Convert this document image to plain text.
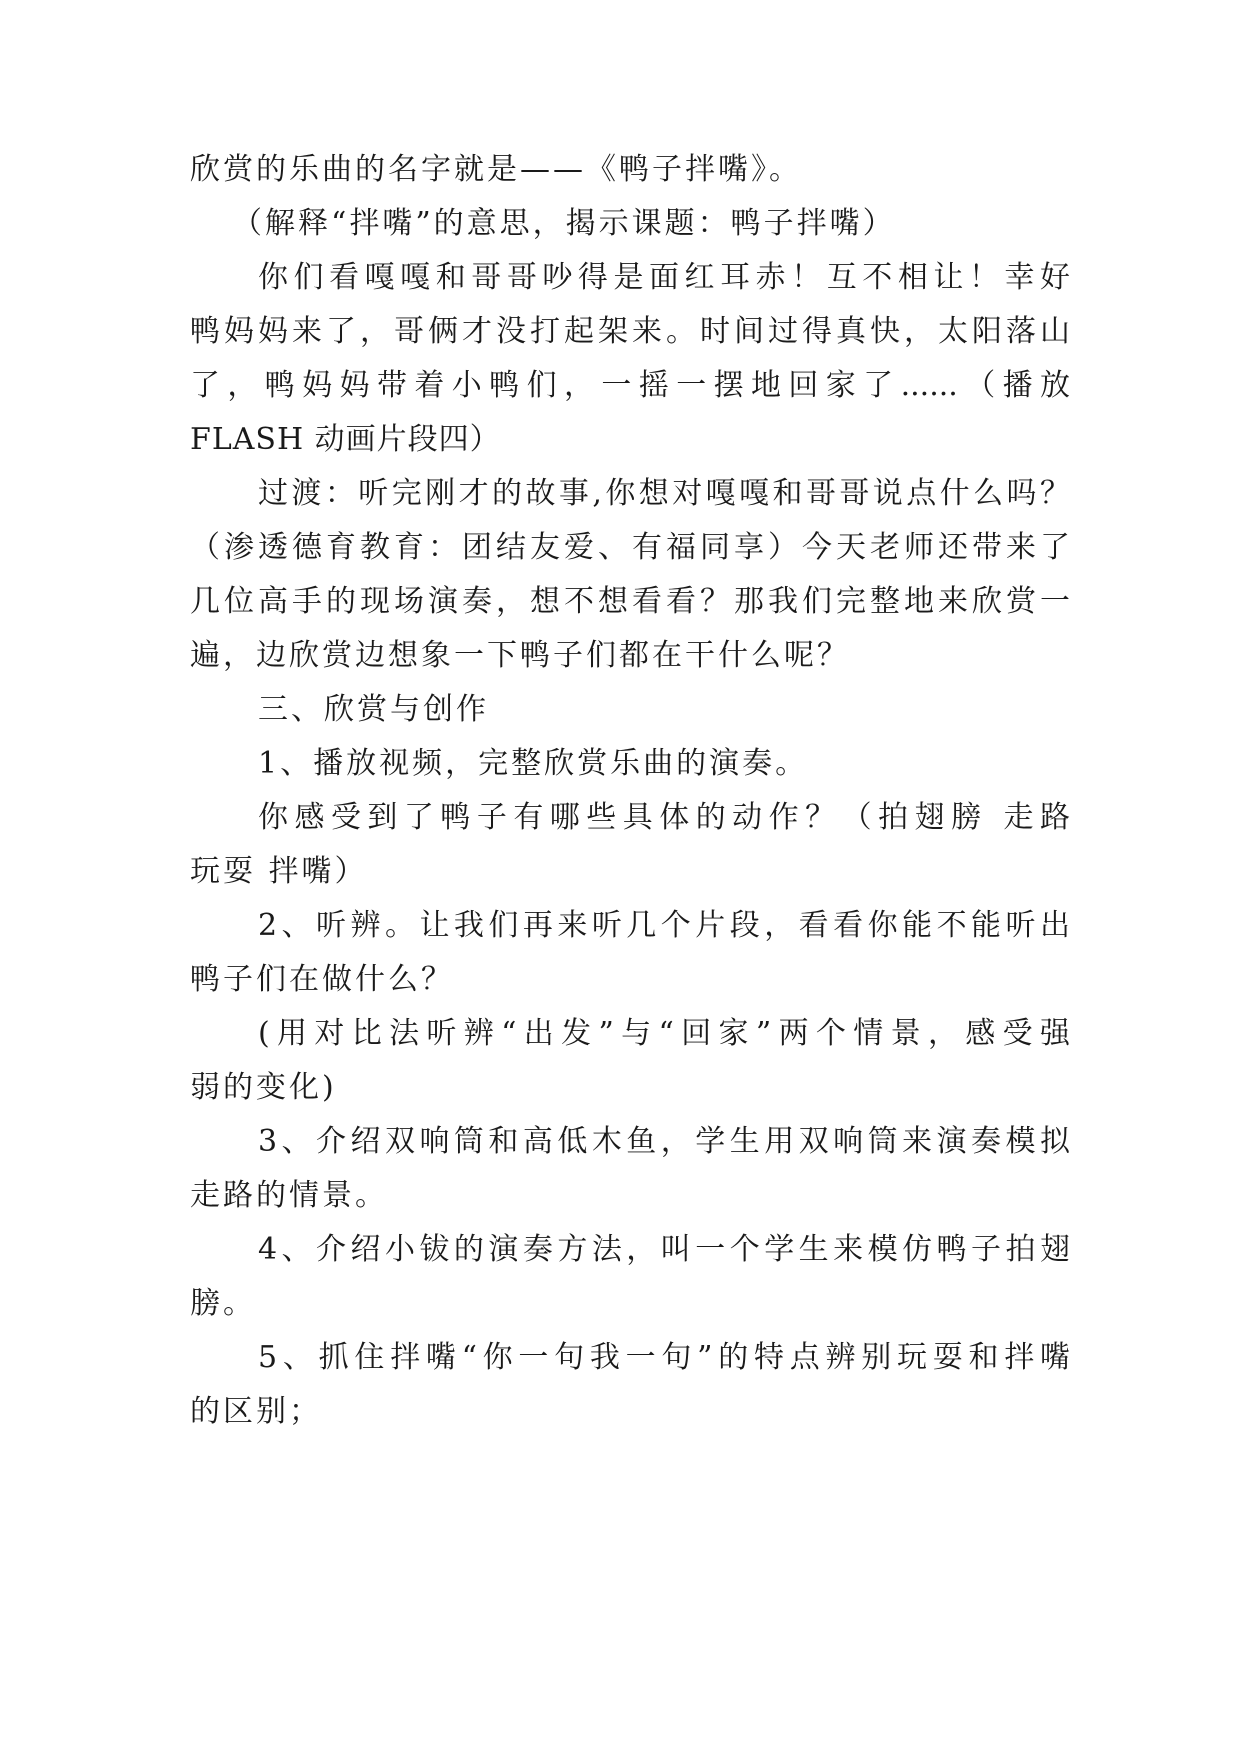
欣赏的乐曲的名字就是——《鸭子拌嘴》。
（解释“拌嘴”的意思，揭示课题：鸭子拌嘴）
你们看嘎嘎和哥哥吵得是面红耳赤！互不相让！幸好
鸭妈妈来了，哥俩才没打起架来。时间过得真快，太阳落山
了，鸭妈妈带着小鸭们，一摇一摆地回家了......（播放
FLASH 动画片段四）
过渡：听完刚才的故事,你想对嘎嘎和哥哥说点什么吗？
（渗透德育教育：团结友爱、有福同享）今天老师还带来了
几位高手的现场演奏，想不想看看？那我们完整地来欣赏一
遍，边欣赏边想象一下鸭子们都在干什么呢？
三、欣赏与创作
1、播放视频，完整欣赏乐曲的演奏。
你感受到了鸭子有哪些具体的动作？（拍翅膀 走路
玩耍 拌嘴）
2、听辨。让我们再来听几个片段，看看你能不能听出
鸭子们在做什么？
(用对比法听辨“出发”与“回家”两个情景，感受强
弱的变化)
3、介绍双响筒和高低木鱼，学生用双响筒来演奏模拟
走路的情景。
4、介绍小钹的演奏方法，叫一个学生来模仿鸭子拍翅
膀。
5、抓住拌嘴“你一句我一句”的特点辨别玩耍和拌嘴
的区别；
